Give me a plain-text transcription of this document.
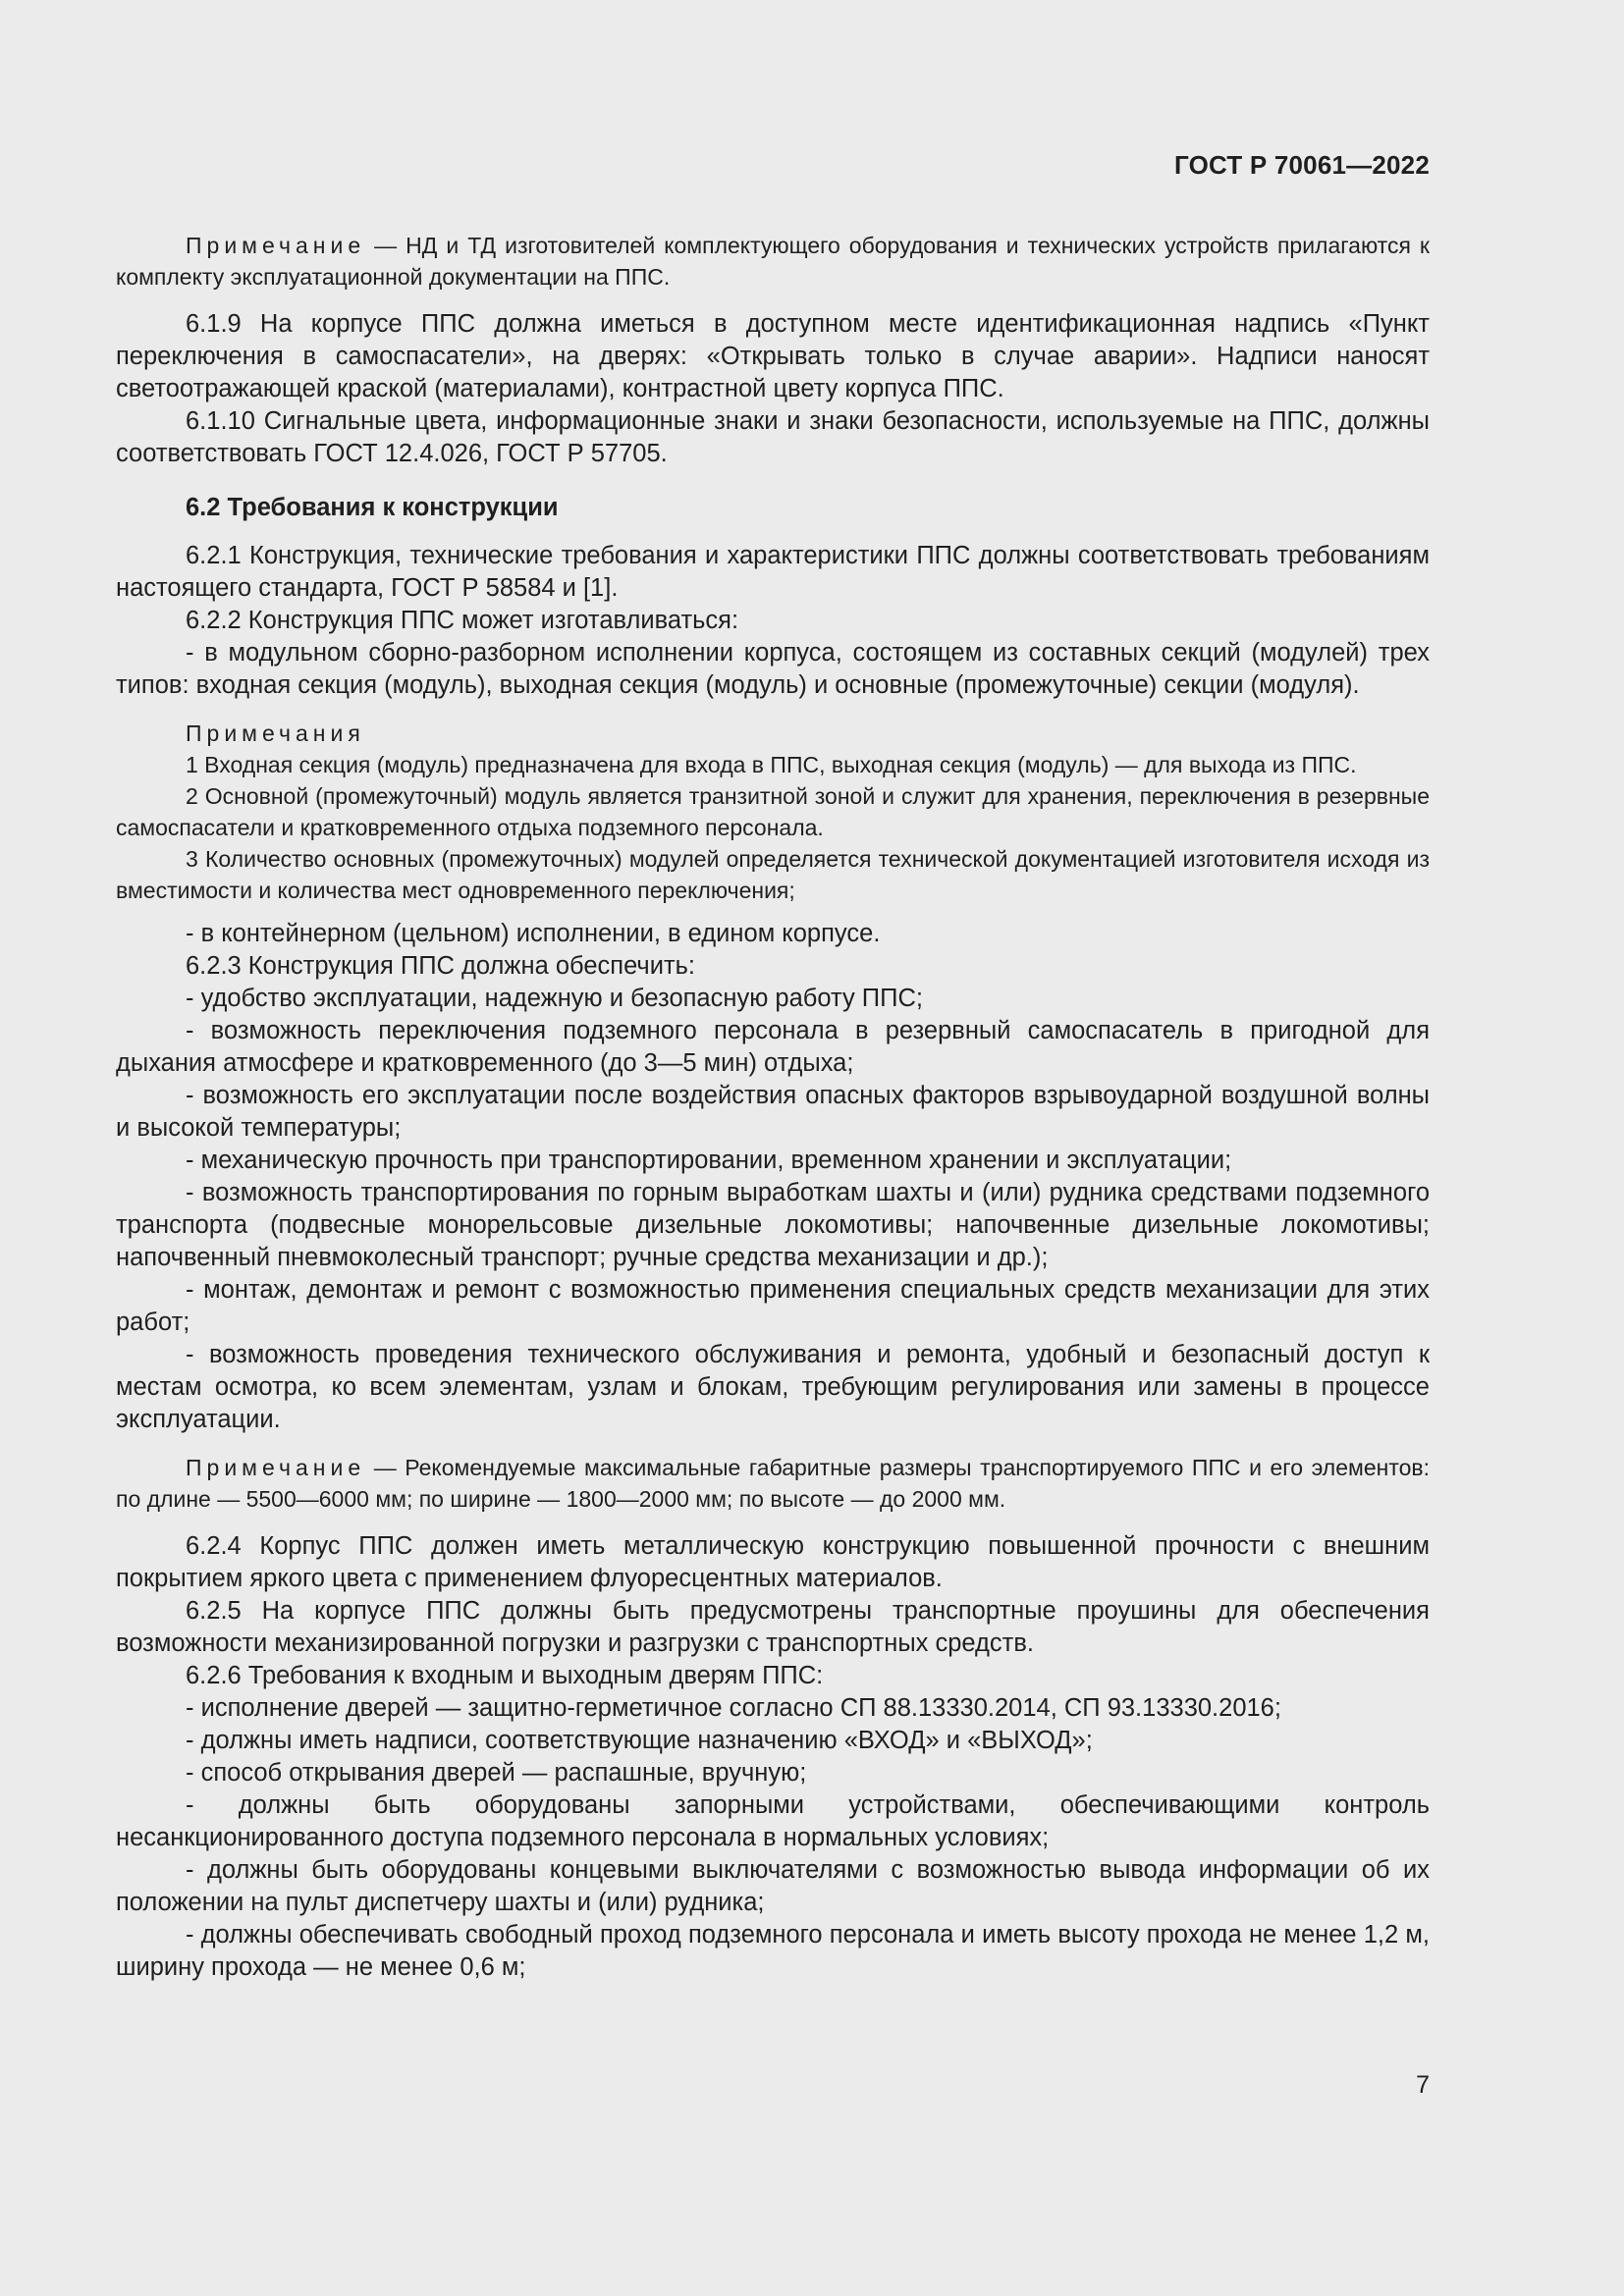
ГОСТ Р 70061—2022

Примечание — НД и ТД изготовителей комплектующего оборудования и технических устройств прилагаются к комплекту эксплуатационной документации на ППС.

6.1.9 На корпусе ППС должна иметься в доступном месте идентификационная надпись «Пункт переключения в самоспасатели», на дверях: «Открывать только в случае аварии». Надписи наносят светоотражающей краской (материалами), контрастной цвету корпуса ППС.

6.1.10 Сигнальные цвета, информационные знаки и знаки безопасности, используемые на ППС, должны соответствовать ГОСТ 12.4.026, ГОСТ Р 57705.

6.2 Требования к конструкции

6.2.1 Конструкция, технические требования и характеристики ППС должны соответствовать требованиям настоящего стандарта, ГОСТ Р 58584 и [1].

6.2.2 Конструкция ППС может изготавливаться:

- в модульном сборно-разборном исполнении корпуса, состоящем из составных секций (модулей) трех типов: входная секция (модуль), выходная секция (модуль) и основные (промежуточные) секции (модуля).

Примечания

1 Входная секция (модуль) предназначена для входа в ППС, выходная секция (модуль) — для выхода из ППС.

2 Основной (промежуточный) модуль является транзитной зоной и служит для хранения, переключения в резервные самоспасатели и кратковременного отдыха подземного персонала.

3 Количество основных (промежуточных) модулей определяется технической документацией изготовителя исходя из вместимости и количества мест одновременного переключения;

- в контейнерном (цельном) исполнении, в едином корпусе.

6.2.3 Конструкция ППС должна обеспечить:

- удобство эксплуатации, надежную и безопасную работу ППС;

- возможность переключения подземного персонала в резервный самоспасатель в пригодной для дыхания атмосфере и кратковременного (до 3—5 мин) отдыха;

- возможность его эксплуатации после воздействия опасных факторов взрывоударной воздушной волны и высокой температуры;

- механическую прочность при транспортировании, временном хранении и эксплуатации;

- возможность транспортирования по горным выработкам шахты и (или) рудника средствами подземного транспорта (подвесные монорельсовые дизельные локомотивы; напочвенные дизельные локомотивы; напочвенный пневмоколесный транспорт; ручные средства механизации и др.);

- монтаж, демонтаж и ремонт с возможностью применения специальных средств механизации для этих работ;

- возможность проведения технического обслуживания и ремонта, удобный и безопасный доступ к местам осмотра, ко всем элементам, узлам и блокам, требующим регулирования или замены в процессе эксплуатации.

Примечание — Рекомендуемые максимальные габаритные размеры транспортируемого ППС и его элементов: по длине — 5500—6000 мм; по ширине — 1800—2000 мм; по высоте — до 2000 мм.

6.2.4 Корпус ППС должен иметь металлическую конструкцию повышенной прочности с внешним покрытием яркого цвета с применением флуоресцентных материалов.

6.2.5 На корпусе ППС должны быть предусмотрены транспортные проушины для обеспечения возможности механизированной погрузки и разгрузки с транспортных средств.

6.2.6 Требования к входным и выходным дверям ППС:

- исполнение дверей — защитно-герметичное согласно СП 88.13330.2014, СП 93.13330.2016;

- должны иметь надписи, соответствующие назначению «ВХОД» и «ВЫХОД»;

- способ открывания дверей — распашные, вручную;

- должны быть оборудованы запорными устройствами, обеспечивающими контроль несанкционированного доступа подземного персонала в нормальных условиях;

- должны быть оборудованы концевыми выключателями с возможностью вывода информации об их положении на пульт диспетчеру шахты и (или) рудника;

- должны обеспечивать свободный проход подземного персонала и иметь высоту прохода не менее 1,2 м, ширину прохода — не менее 0,6 м;

7
